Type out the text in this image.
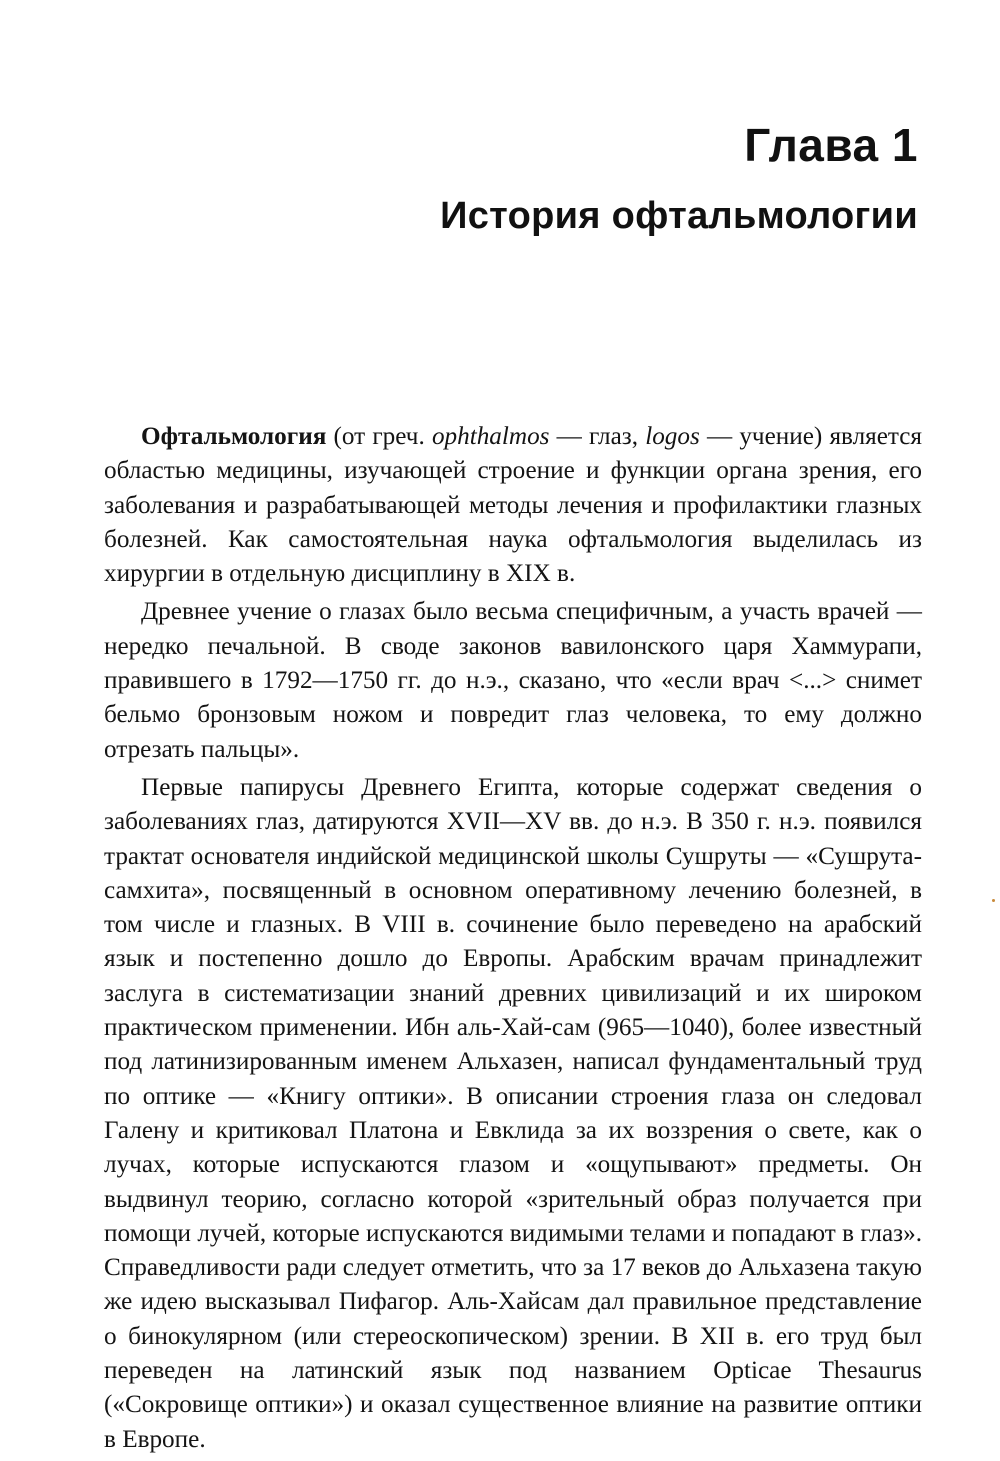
Глава 1
История офтальмологии

Офтальмология (от греч. ophthalmos — глаз, logos — учение) является областью медицины, изучающей строение и функции органа зрения, его заболевания и разрабатывающей методы лечения и профилактики глазных болезней. Как самостоятельная наука офтальмология выделилась из хирургии в отдельную дисциплину в XIX в.

Древнее учение о глазах было весьма специфичным, а участь врачей — нередко печальной. В своде законов вавилонского царя Хаммурапи, правившего в 1792—1750 гг. до н.э., сказано, что «если врач <...> снимет бельмо бронзовым ножом и повредит глаз человека, то ему должно отрезать пальцы».

Первые папирусы Древнего Египта, которые содержат сведения о заболеваниях глаз, датируются XVII—XV вв. до н.э. В 350 г. н.э. появился трактат основателя индийской медицинской школы Сушруты — «Сушрута-самхита», посвященный в основном оперативному лечению болезней, в том числе и глазных. В VIII в. сочинение было переведено на арабский язык и постепенно дошло до Европы. Арабским врачам принадлежит заслуга в систематизации знаний древних цивилизаций и их широком практическом применении. Ибн аль-Хай-сам (965—1040), более известный под латинизированным именем Альхазен, написал фундаментальный труд по оптике — «Книгу оптики». В описании строения глаза он следовал Галену и критиковал Платона и Евклида за их воззрения о свете, как о лучах, которые испускаются глазом и «ощупывают» предметы. Он выдвинул теорию, согласно которой «зрительный образ получается при помощи лучей, которые испускаются видимыми телами и попадают в глаз». Справедливости ради следует отметить, что за 17 веков до Альхазена такую же идею высказывал Пифагор. Аль-Хайсам дал правильное представление о бинокулярном (или стереоскопическом) зрении. В XII в. его труд был переведен на латинский язык под названием Opticae Thesaurus («Сокровище оптики») и оказал существенное влияние на развитие оптики в Европе.
